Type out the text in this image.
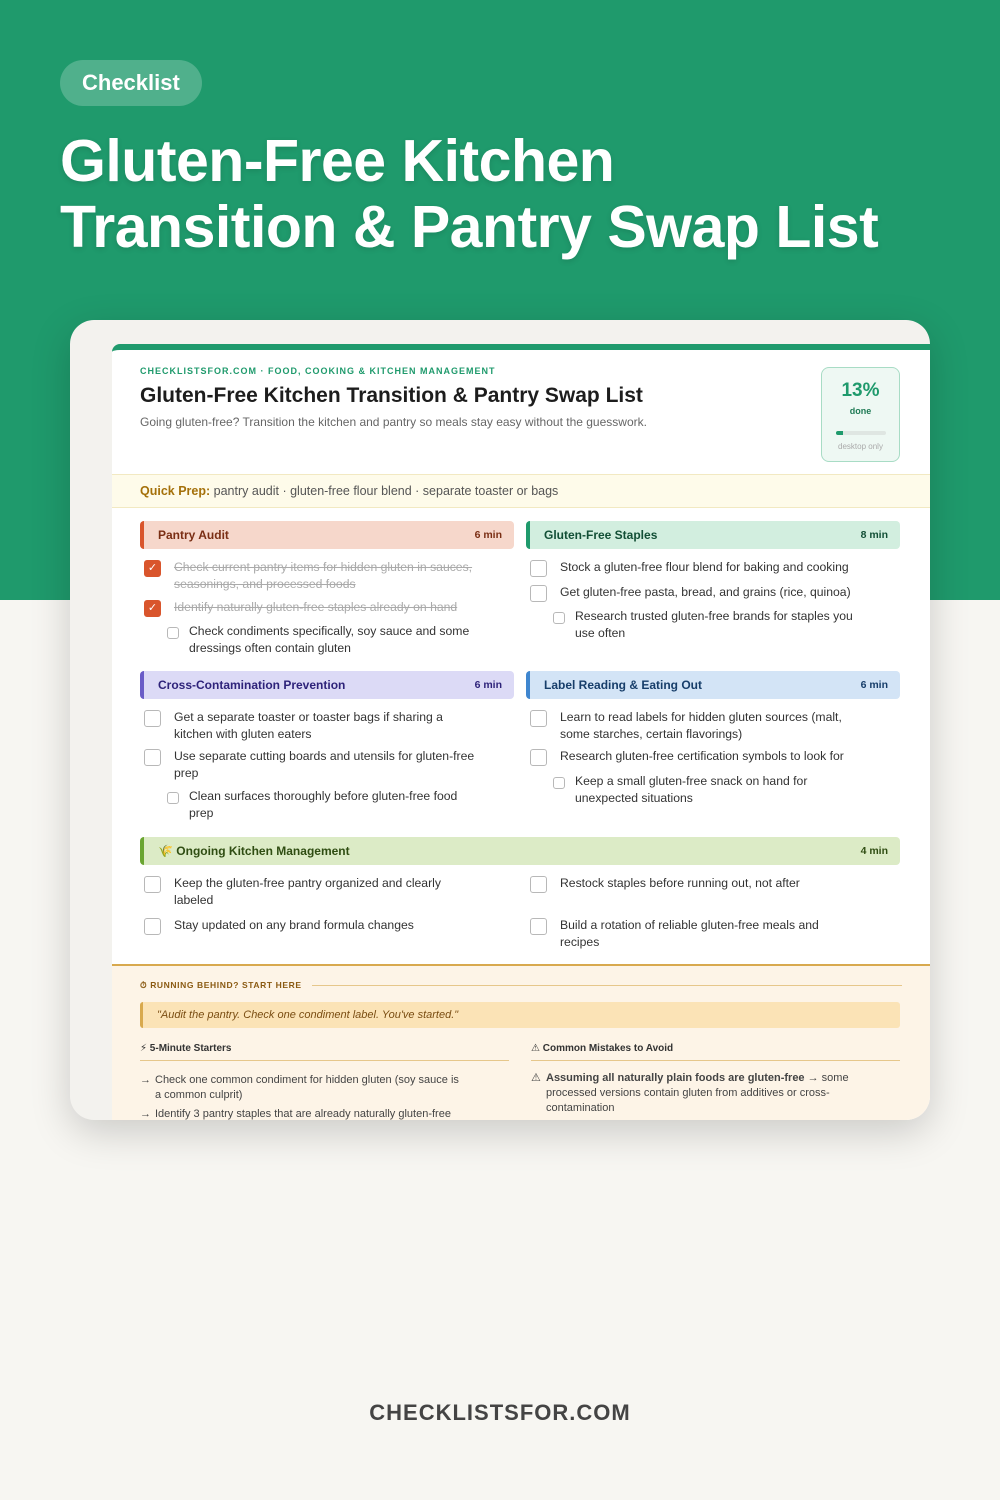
Checklist
Gluten-Free Kitchen
Transition & Pantry Swap List
CHECKLISTSFOR.COM · FOOD, COOKING & KITCHEN MANAGEMENT
Gluten-Free Kitchen Transition & Pantry Swap List
Going gluten-free? Transition the kitchen and pantry so meals stay easy without the guesswork.
13%
done
desktop only
Quick Prep: pantry audit · gluten-free flour blend · separate toaster or bags
Pantry Audit	6 min
✓	Check current pantry items for hidden gluten in sauces,
seasonings, and processed foods
✓	Identify naturally gluten-free staples already on hand
Check condiments specifically, soy sauce and some
dressings often contain gluten
Gluten-Free Staples	8 min
Stock a gluten-free flour blend for baking and cooking
Get gluten-free pasta, bread, and grains (rice, quinoa)
Research trusted gluten-free brands for staples you
use often
Cross-Contamination Prevention	6 min
Get a separate toaster or toaster bags if sharing a
kitchen with gluten eaters
Use separate cutting boards and utensils for gluten-free
prep
Clean surfaces thoroughly before gluten-free food
prep
Label Reading & Eating Out	6 min
Learn to read labels for hidden gluten sources (malt,
some starches, certain flavorings)
Research gluten-free certification symbols to look for
Keep a small gluten-free snack on hand for
unexpected situations
🌾 Ongoing Kitchen Management	4 min
Keep the gluten-free pantry organized and clearly
labeled
Restock staples before running out, not after
Stay updated on any brand formula changes	Build a rotation of reliable gluten-free meals and
recipes
⏱ RUNNING BEHIND? START HERE
"Audit the pantry. Check one condiment label. You've started."
⚡ 5-Minute Starters
→ Check one common condiment for hidden gluten (soy sauce is
a common culprit)
→ Identify 3 pantry staples that are already naturally gluten-free
⚠ Common Mistakes to Avoid
⚠ Assuming all naturally plain foods are gluten-free → some
processed versions contain gluten from additives or cross-
contamination
CHECKLISTSFOR.COM
